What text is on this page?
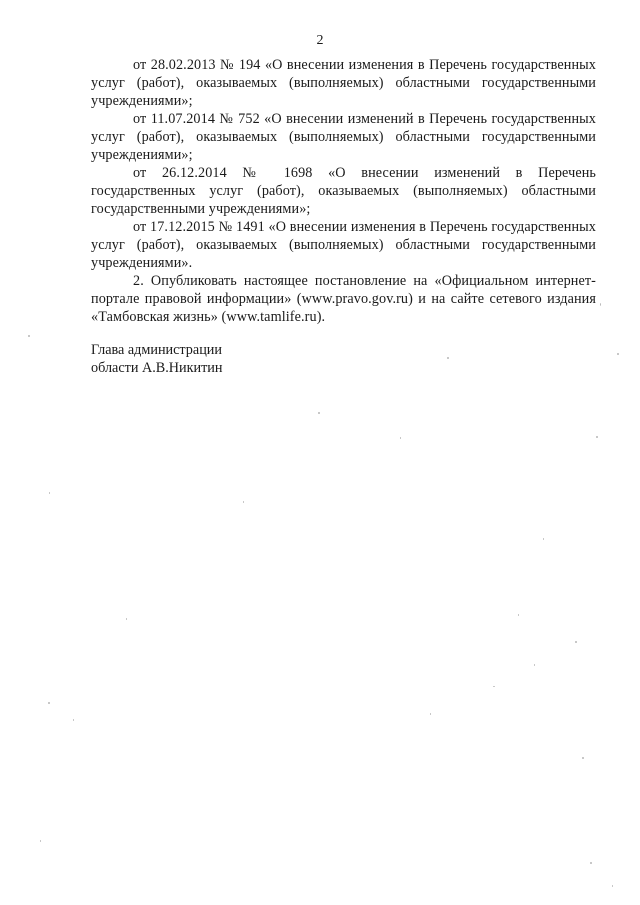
2

от 28.02.2013 № 194 «О внесении изменения в Перечень государственных услуг (работ), оказываемых (выполняемых) областными государственными учреждениями»;

от 11.07.2014 № 752 «О внесении изменений в Перечень государственных услуг (работ), оказываемых (выполняемых) областными государственными учреждениями»;

от 26.12.2014 № 1698 «О внесении изменений в Перечень государственных услуг (работ), оказываемых (выполняемых) областными государственными учреждениями»;

от 17.12.2015 № 1491 «О внесении изменения в Перечень государственных услуг (работ), оказываемых (выполняемых) областными государственными учреждениями».

2. Опубликовать настоящее постановление на «Официальном интернет-портале правовой информации» (www.pravo.gov.ru) и на сайте сетевого издания «Тамбовская жизнь» (www.tamlife.ru).

Глава администрации
области А.В.Никитин
